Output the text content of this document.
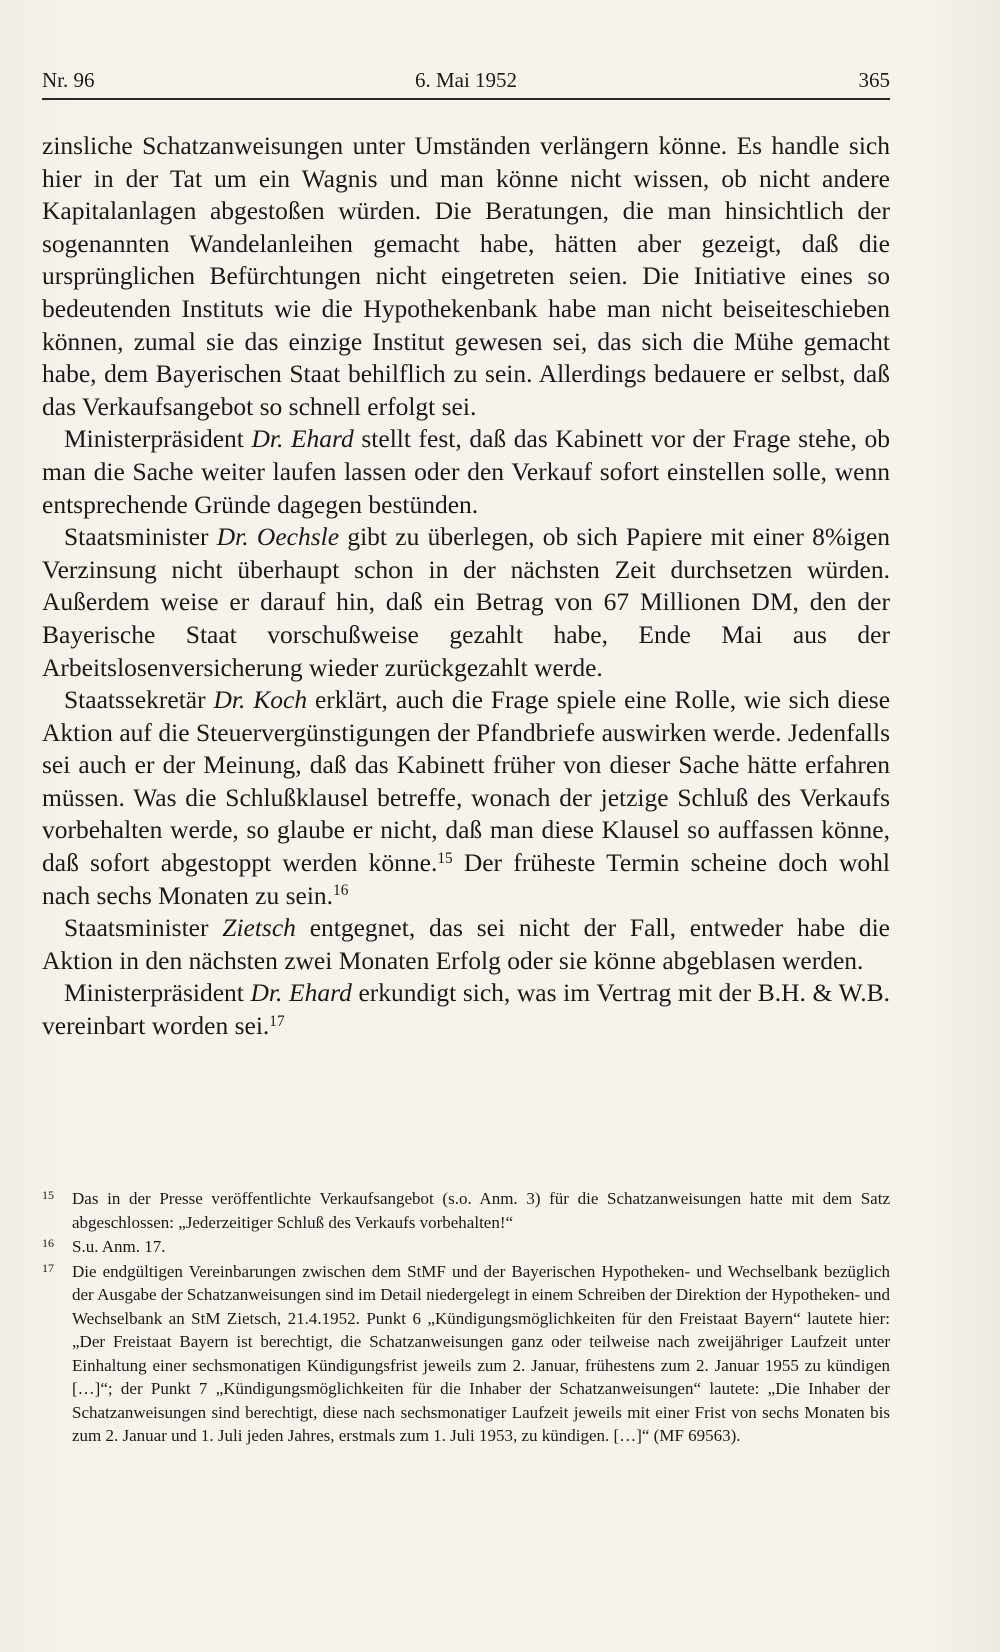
Nr. 96	6. Mai 1952	365

zinsliche Schatzanweisungen unter Umständen verlängern könne. Es handle sich hier in der Tat um ein Wagnis und man könne nicht wissen, ob nicht andere Kapitalanlagen abgestoßen würden. Die Beratungen, die man hinsichtlich der sogenannten Wandelanleihen gemacht habe, hätten aber gezeigt, daß die ursprünglichen Befürchtungen nicht eingetreten seien. Die Initiative eines so bedeutenden Instituts wie die Hypothekenbank habe man nicht beiseiteschieben können, zumal sie das einzige Institut gewesen sei, das sich die Mühe gemacht habe, dem Bayerischen Staat behilflich zu sein. Allerdings bedauere er selbst, daß das Verkaufsangebot so schnell erfolgt sei.

Ministerpräsident Dr. Ehard stellt fest, daß das Kabinett vor der Frage stehe, ob man die Sache weiter laufen lassen oder den Verkauf sofort einstellen solle, wenn entsprechende Gründe dagegen bestünden.

Staatsminister Dr. Oechsle gibt zu überlegen, ob sich Papiere mit einer 8%igen Verzinsung nicht überhaupt schon in der nächsten Zeit durchsetzen würden. Außerdem weise er darauf hin, daß ein Betrag von 67 Millionen DM, den der Bayerische Staat vorschußweise gezahlt habe, Ende Mai aus der Arbeitslosenversicherung wieder zurückgezahlt werde.

Staatssekretär Dr. Koch erklärt, auch die Frage spiele eine Rolle, wie sich diese Aktion auf die Steuervergünstigungen der Pfandbriefe auswirken werde. Jedenfalls sei auch er der Meinung, daß das Kabinett früher von dieser Sache hätte erfahren müssen. Was die Schlußklausel betreffe, wonach der jetzige Schluß des Verkaufs vorbehalten werde, so glaube er nicht, daß man diese Klausel so auffassen könne, daß sofort abgestoppt werden könne.$^{15}$ Der früheste Termin scheine doch wohl nach sechs Monaten zu sein.$^{16}$

Staatsminister Zietsch entgegnet, das sei nicht der Fall, entweder habe die Aktion in den nächsten zwei Monaten Erfolg oder sie könne abgeblasen werden.

Ministerpräsident Dr. Ehard erkundigt sich, was im Vertrag mit der B.H. & W.B. vereinbart worden sei.$^{17}$

15 Das in der Presse veröffentlichte Verkaufsangebot (s.o. Anm. 3) für die Schatzanweisungen hatte mit dem Satz abgeschlossen: „Jederzeitiger Schluß des Verkaufs vorbehalten!“
16 S.u. Anm. 17.
17 Die endgültigen Vereinbarungen zwischen dem StMF und der Bayerischen Hypotheken- und Wechselbank bezüglich der Ausgabe der Schatzanweisungen sind im Detail niedergelegt in einem Schreiben der Direktion der Hypotheken- und Wechselbank an StM Zietsch, 21.4.1952. Punkt 6 „Kündigungsmöglichkeiten für den Freistaat Bayern“ lautete hier: „Der Freistaat Bayern ist berechtigt, die Schatzanweisungen ganz oder teilweise nach zweijähriger Laufzeit unter Einhaltung einer sechsmonatigen Kündigungsfrist jeweils zum 2. Januar, frühestens zum 2. Januar 1955 zu kündigen […]“; der Punkt 7 „Kündigungsmöglichkeiten für die Inhaber der Schatzanweisungen“ lautete: „Die Inhaber der Schatzanweisungen sind berechtigt, diese nach sechsmonatiger Laufzeit jeweils mit einer Frist von sechs Monaten bis zum 2. Januar und 1. Juli jeden Jahres, erstmals zum 1. Juli 1953, zu kündigen. […]“ (MF 69563).
